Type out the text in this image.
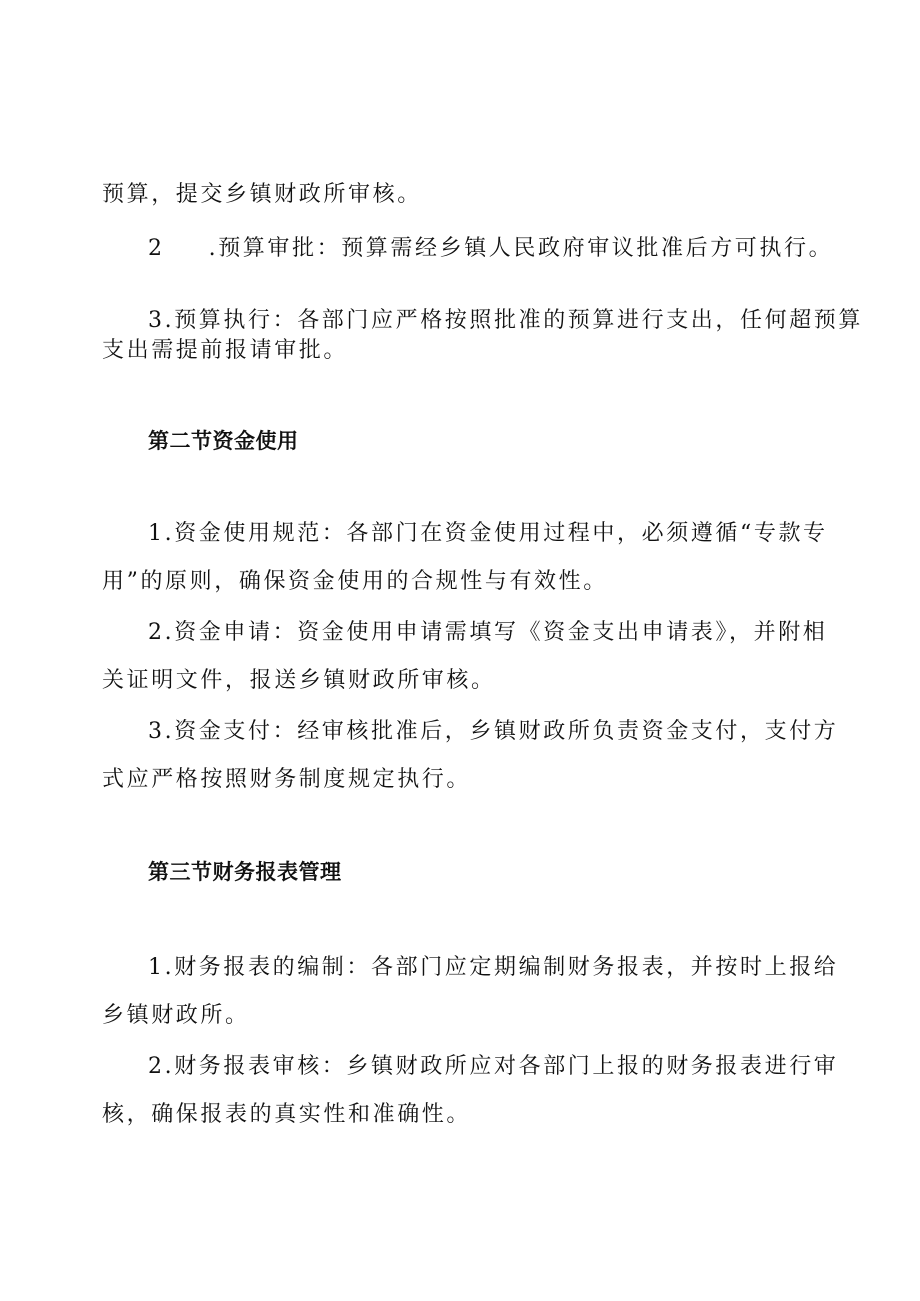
预算，提交乡镇财政所审核。
2 .预算审批：预算需经乡镇人民政府审议批准后方可执行。
3.预算执行：各部门应严格按照批准的预算进行支出，任何超预算
支出需提前报请审批。
第二节资金使用
1.资金使用规范：各部门在资金使用过程中，必须遵循“专款专
用”的原则，确保资金使用的合规性与有效性。
2.资金申请：资金使用申请需填写《资金支出申请表》，并附相
关证明文件，报送乡镇财政所审核。
3.资金支付：经审核批准后，乡镇财政所负责资金支付，支付方
式应严格按照财务制度规定执行。
第三节财务报表管理
1.财务报表的编制：各部门应定期编制财务报表，并按时上报给
乡镇财政所。
2.财务报表审核：乡镇财政所应对各部门上报的财务报表进行审
核，确保报表的真实性和准确性。
